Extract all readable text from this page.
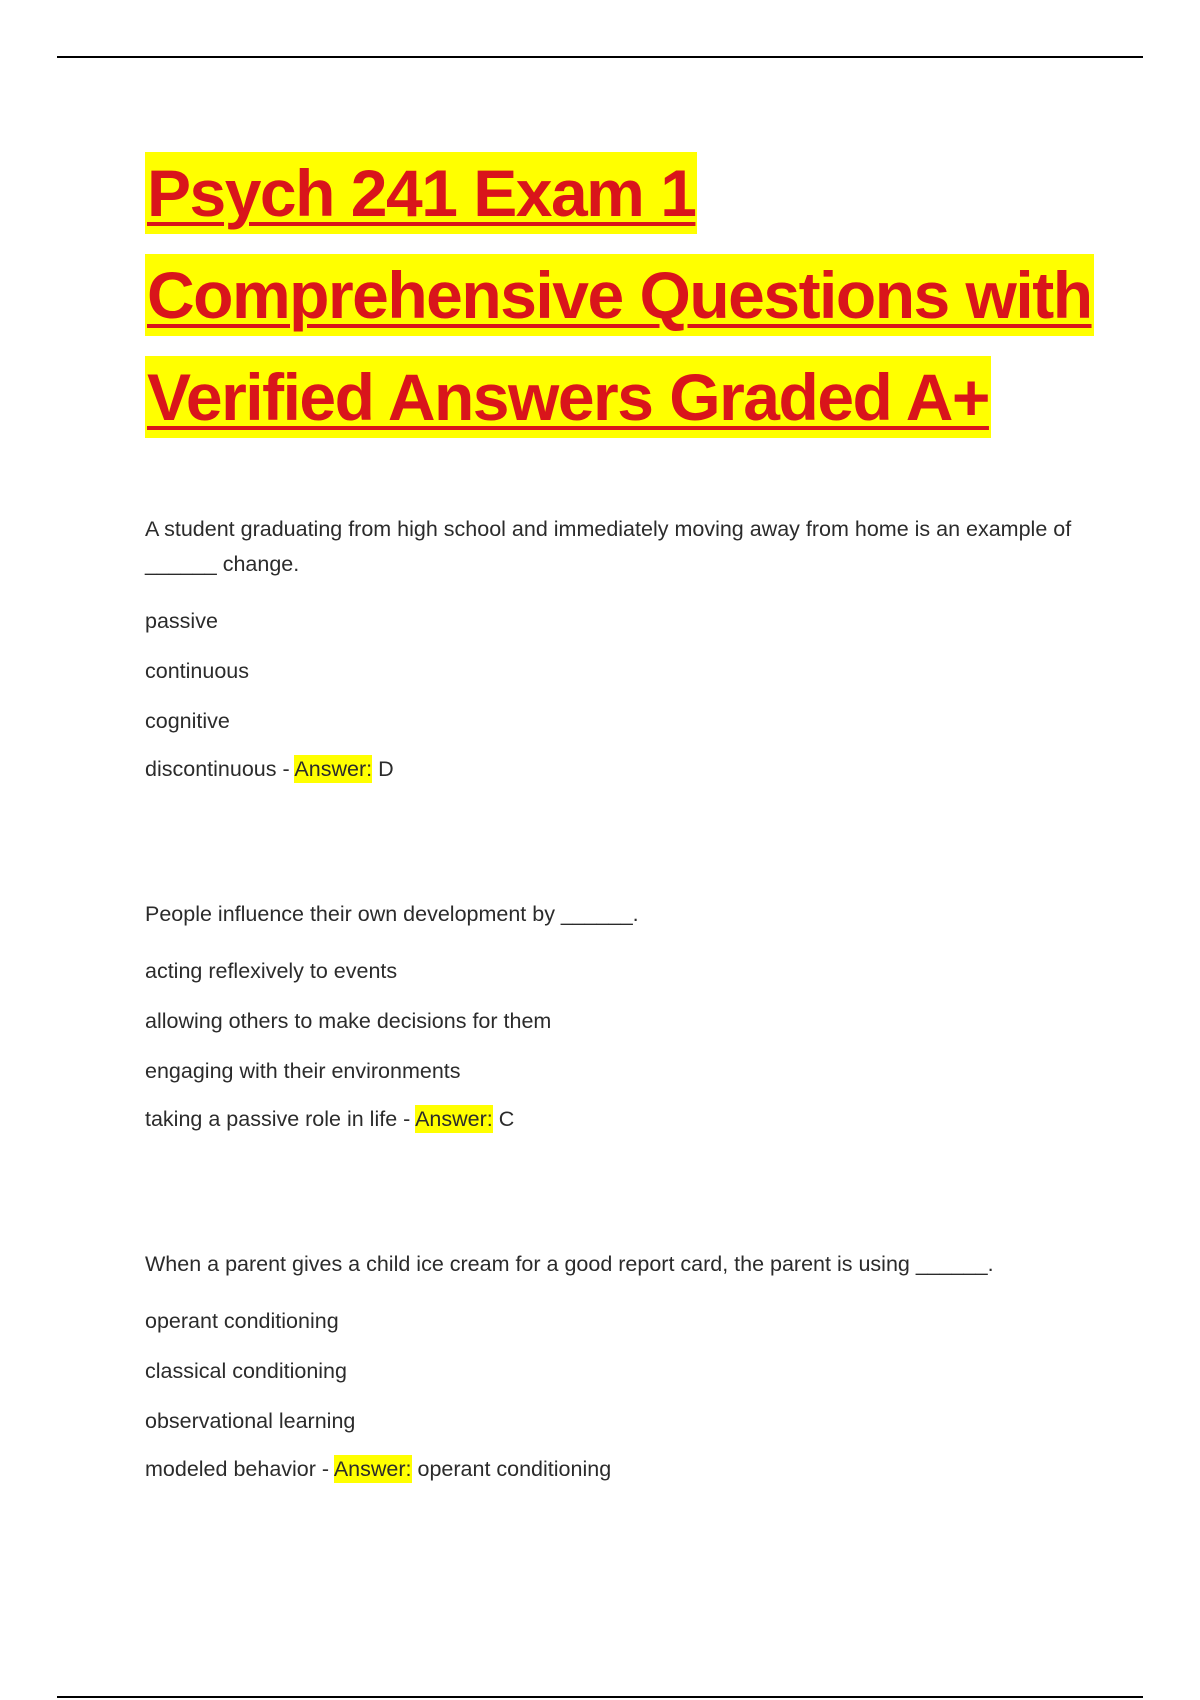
Psych 241 Exam 1
Comprehensive Questions with
Verified Answers Graded A+
A student graduating from high school and immediately moving away from home is an example of ______ change.
passive
continuous
cognitive
discontinuous - Answer: D
People influence their own development by ______.
acting reflexively to events
allowing others to make decisions for them
engaging with their environments
taking a passive role in life - Answer: C
When a parent gives a child ice cream for a good report card, the parent is using ______.
operant conditioning
classical conditioning
observational learning
modeled behavior - Answer: operant conditioning
